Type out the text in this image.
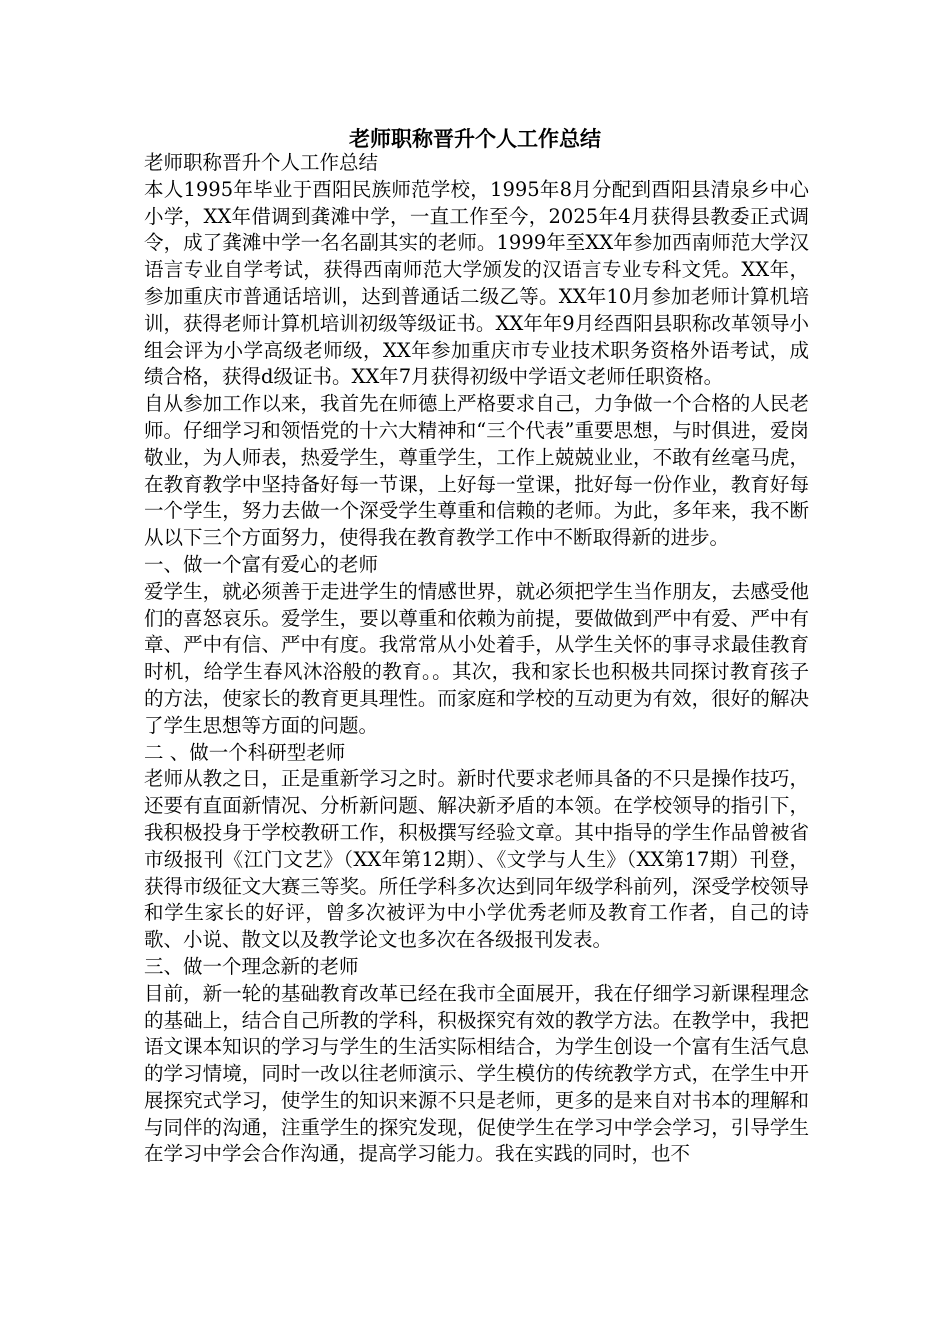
老师职称晋升个人工作总结

老师职称晋升个人工作总结

本人1995年毕业于酉阳民族师范学校，1995年8月分配到酉阳县清泉乡中心小学，XX年借调到龚滩中学，一直工作至今，2025年4月获得县教委正式调令，成了龚滩中学一名名副其实的老师。1999年至XX年参加西南师范大学汉语言专业自学考试，获得西南师范大学颁发的汉语言专业专科文凭。XX年，参加重庆市普通话培训，达到普通话二级乙等。XX年10月参加老师计算机培训，获得老师计算机培训初级等级证书。XX年年9月经酉阳县职称改革领导小组会评为小学高级老师级，XX年参加重庆市专业技术职务资格外语考试，成绩合格，获得d级证书。XX年7月获得初级中学语文老师任职资格。

自从参加工作以来，我首先在师德上严格要求自己，力争做一个合格的人民老师。仔细学习和领悟党的十六大精神和“三个代表”重要思想，与时俱进，爱岗敬业，为人师表，热爱学生，尊重学生，工作上兢兢业业，不敢有丝毫马虎，在教育教学中坚持备好每一节课，上好每一堂课，批好每一份作业，教育好每一个学生，努力去做一个深受学生尊重和信赖的老师。为此，多年来，我不断从以下三个方面努力，使得我在教育教学工作中不断取得新的进步。

一、做一个富有爱心的老师

爱学生，就必须善于走进学生的情感世界，就必须把学生当作朋友，去感受他们的喜怒哀乐。爱学生，要以尊重和依赖为前提，要做做到严中有爱、严中有章、严中有信、严中有度。我常常从小处着手，从学生关怀的事寻求最佳教育时机，给学生春风沐浴般的教育。。其次，我和家长也积极共同探讨教育孩子的方法，使家长的教育更具理性。而家庭和学校的互动更为有效，很好的解决了学生思想等方面的问题。

二 、做一个科研型老师

老师从教之日，正是重新学习之时。新时代要求老师具备的不只是操作技巧，还要有直面新情况、分析新问题、解决新矛盾的本领。在学校领导的指引下，我积极投身于学校教研工作，积极撰写经验文章。其中指导的学生作品曾被省市级报刊《江门文艺》（XX年第12期）、《文学与人生》（XX第17期）刊登，获得市级征文大赛三等奖。所任学科多次达到同年级学科前列，深受学校领导和学生家长的好评，曾多次被评为中小学优秀老师及教育工作者，自己的诗歌、小说、散文以及教学论文也多次在各级报刊发表。

三、做一个理念新的老师

目前，新一轮的基础教育改革已经在我市全面展开，我在仔细学习新课程理念的基础上，结合自己所教的学科，积极探究有效的教学方法。在教学中，我把语文课本知识的学习与学生的生活实际相结合，为学生创设一个富有生活气息的学习情境，同时一改以往老师演示、学生模仿的传统教学方式，在学生中开展探究式学习，使学生的知识来源不只是老师，更多的是来自对书本的理解和与同伴的沟通，注重学生的探究发现，促使学生在学习中学会学习，引导学生在学习中学会合作沟通，提高学习能力。我在实践的同时，也不
